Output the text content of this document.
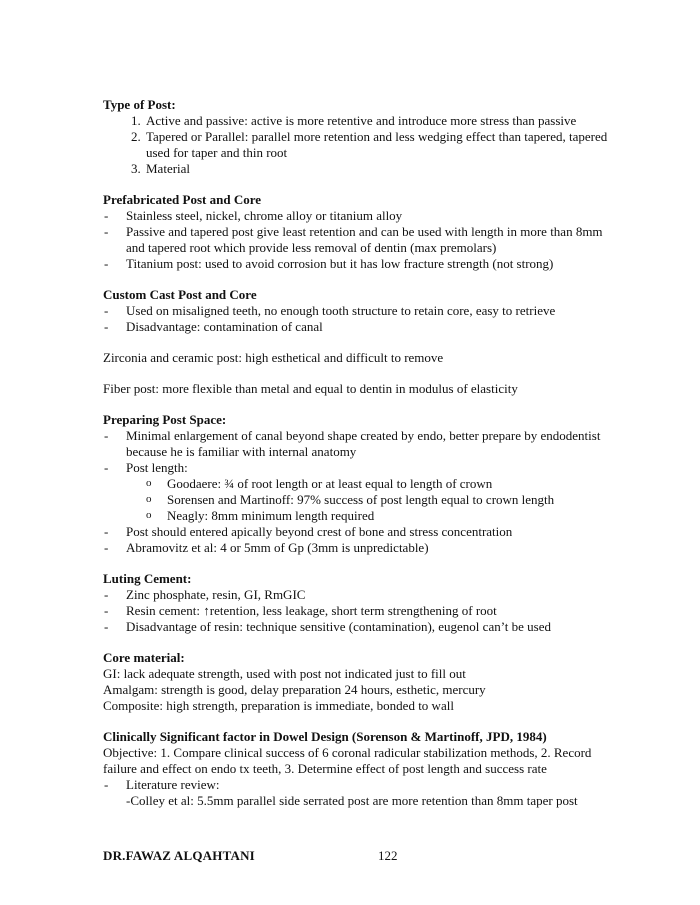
Type of Post:
1. Active and passive: active is more retentive and introduce more stress than passive
2. Tapered or Parallel: parallel more retention and less wedging effect than tapered, tapered used for taper and thin root
3. Material
Prefabricated Post and Core
- Stainless steel, nickel, chrome alloy or titanium alloy
- Passive and tapered post give least retention and can be used with length in more than 8mm and tapered root which provide less removal of dentin (max premolars)
- Titanium post: used to avoid corrosion but it has low fracture strength (not strong)
Custom Cast Post and Core
- Used on misaligned teeth, no enough tooth structure to retain core, easy to retrieve
- Disadvantage: contamination of canal
Zirconia and ceramic post: high esthetical and difficult to remove
Fiber post: more flexible than metal and equal to dentin in modulus of elasticity
Preparing Post Space:
- Minimal enlargement of canal beyond shape created by endo, better prepare by endodentist because he is familiar with internal anatomy
- Post length:
o Goodaere: ¾ of root length or at least equal to length of crown
o Sorensen and Martinoff: 97% success of post length equal to crown length
o Neagly: 8mm minimum length required
- Post should entered apically beyond crest of bone and stress concentration
- Abramovitz et al: 4 or 5mm of Gp (3mm is unpredictable)
Luting Cement:
- Zinc phosphate, resin, GI, RmGIC
- Resin cement: ↑retention, less leakage, short term strengthening of root
- Disadvantage of resin: technique sensitive (contamination), eugenol can’t be used
Core material:
GI: lack adequate strength, used with post not indicated just to fill out
Amalgam: strength is good, delay preparation 24 hours, esthetic, mercury
Composite: high strength, preparation is immediate, bonded to wall
Clinically Significant factor in Dowel Design (Sorenson & Martinoff, JPD, 1984)
Objective: 1. Compare clinical success of 6 coronal radicular stabilization methods, 2. Record failure and effect on endo tx teeth, 3. Determine effect of post length and success rate
- Literature review:
-Colley et al: 5.5mm parallel side serrated post are more retention than 8mm taper post
DR.FAWAZ ALQAHTANI	122
